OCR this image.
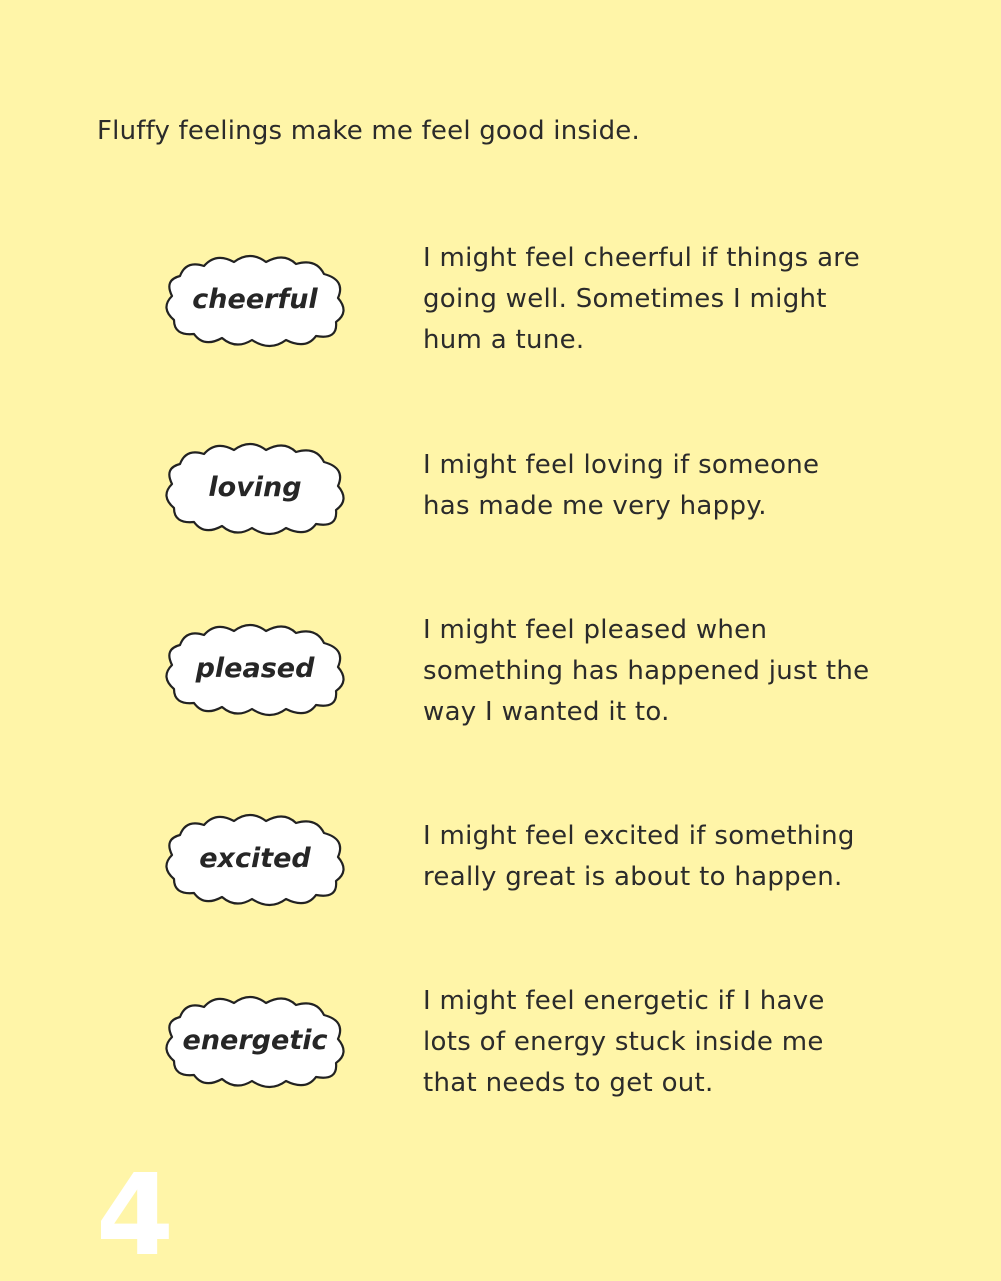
Fluffy feelings make me feel good inside.
cheerful
I might feel cheerful if things are going well. Sometimes I might hum a tune.
loving
I might feel loving if someone has made me very happy.
pleased
I might feel pleased when something has happened just the way I wanted it to.
excited
I might feel excited if something really great is about to happen.
energetic
I might feel energetic if I have lots of energy stuck inside me that needs to get out.
4
